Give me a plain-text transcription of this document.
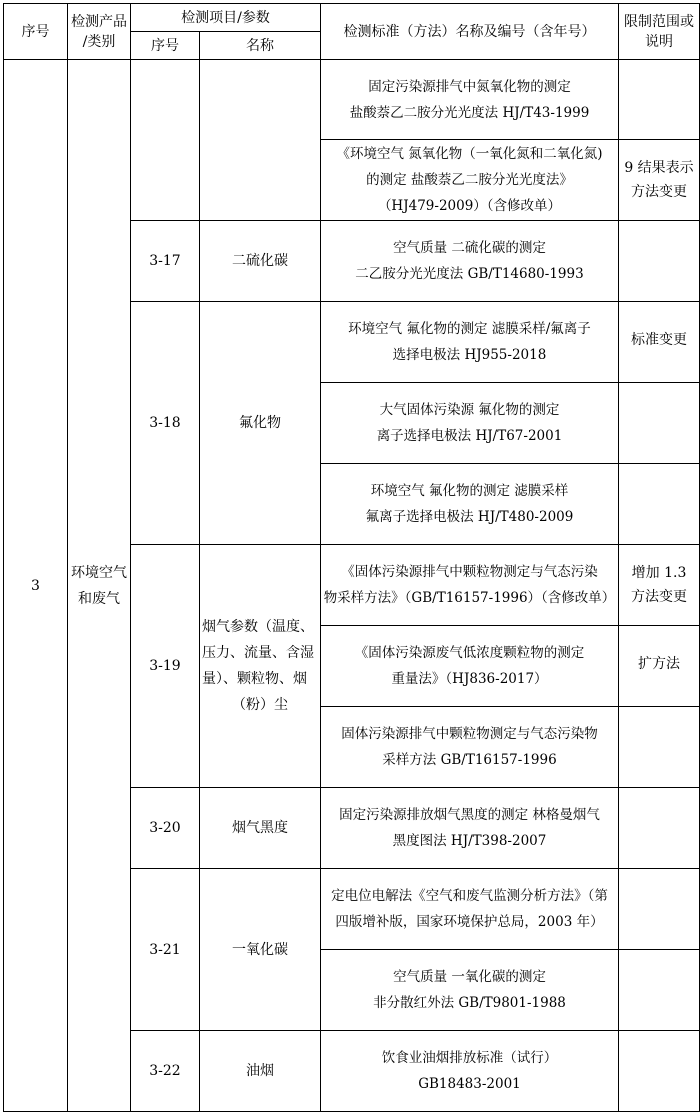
序号	检测产品
/类别	检测项目/参数		检测标准（方法）名称及编号（含年号）	限制范围或
说明
		序号	名称		
3	环境空气
和废气			固定污染源排气中氮氧化物的测定
盐酸萘乙二胺分光光度法 HJ/T43-1999	
				《环境空气 氮氧化物（一氧化氮和二氧化氮)
的测定 盐酸萘乙二胺分光光度法》
（HJ479-2009）（含修改单）	9 结果表示
方法变更
		3-17	二硫化碳	空气质量 二硫化碳的测定
二乙胺分光光度法 GB/T14680-1993	
		3-18	氟化物	环境空气 氟化物的测定 滤膜采样/氟离子
选择电极法 HJ955-2018	标准变更
				大气固体污染源 氟化物的测定
离子选择电极法 HJ/T67-2001	
				环境空气 氟化物的测定 滤膜采样
氟离子选择电极法 HJ/T480-2009	
		3-19	烟气参数（温度、
压力、流量、含湿
量）、颗粒物、烟

（粉）尘	《固体污染源排气中颗粒物测定与气态污染
物采样方法》（GB/T16157-1996）（含修改单）	增加 1.3
方法变更
				《固体污染源废气低浓度颗粒物的测定
重量法》（HJ836-2017）	扩方法
				固体污染源排气中颗粒物测定与气态污染物
采样方法 GB/T16157-1996	
		3-20	烟气黑度	固定污染源排放烟气黑度的测定 林格曼烟气
黑度图法 HJ/T398-2007	
		3-21	一氧化碳	定电位电解法《空气和废气监测分析方法》（第
四版增补版，国家环境保护总局，2003 年）	
				空气质量 一氧化碳的测定
非分散红外法 GB/T9801-1988	
		3-22	油烟	饮食业油烟排放标准（试行）
GB18483-2001	
